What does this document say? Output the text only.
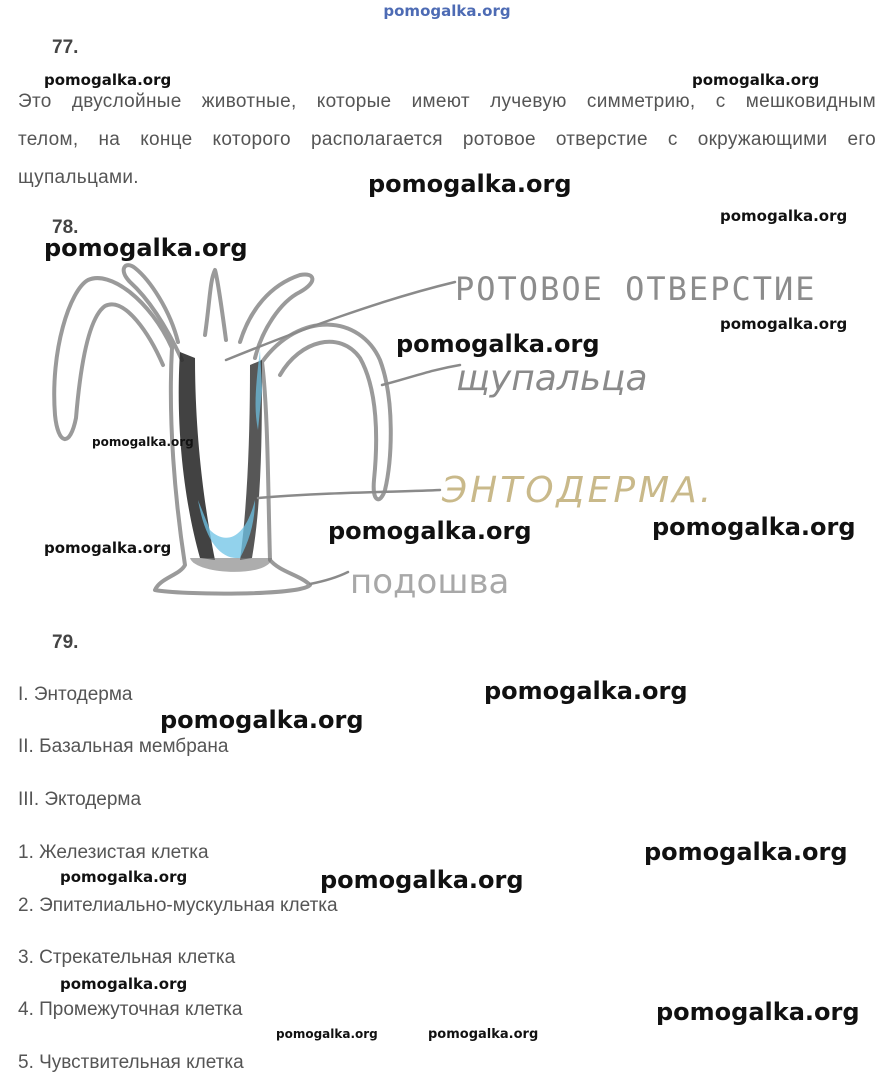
pomogalka.org
77.
Это двуслойные животные, которые имеют лучевую симметрию, с мешковидным
телом, на конце которого располагается ротовое отверстие с окружающими его
щупальцами.
78.
РОТОВОЕ ОТВЕРСТИЕ
щупальца
ЭНТОДЕРМА.
подошва
79.
I. Энтодерма
II. Базальная мембрана
III. Эктодерма
1. Железистая клетка
2. Эпителиально-мускульная клетка
3. Стрекательная клетка
4. Промежуточная клетка
5. Чувствительная клетка
pomogalka.org	pomogalka.org
pomogalka.org
pomogalka.org
pomogalka.org
pomogalka.org
pomogalka.org
pomogalka.org
pomogalka.org	pomogalka.org
pomogalka.org
pomogalka.org
pomogalka.org
pomogalka.org
pomogalka.org	pomogalka.org
pomogalka.org
pomogalka.org
pomogalka.org	pomogalka.org
